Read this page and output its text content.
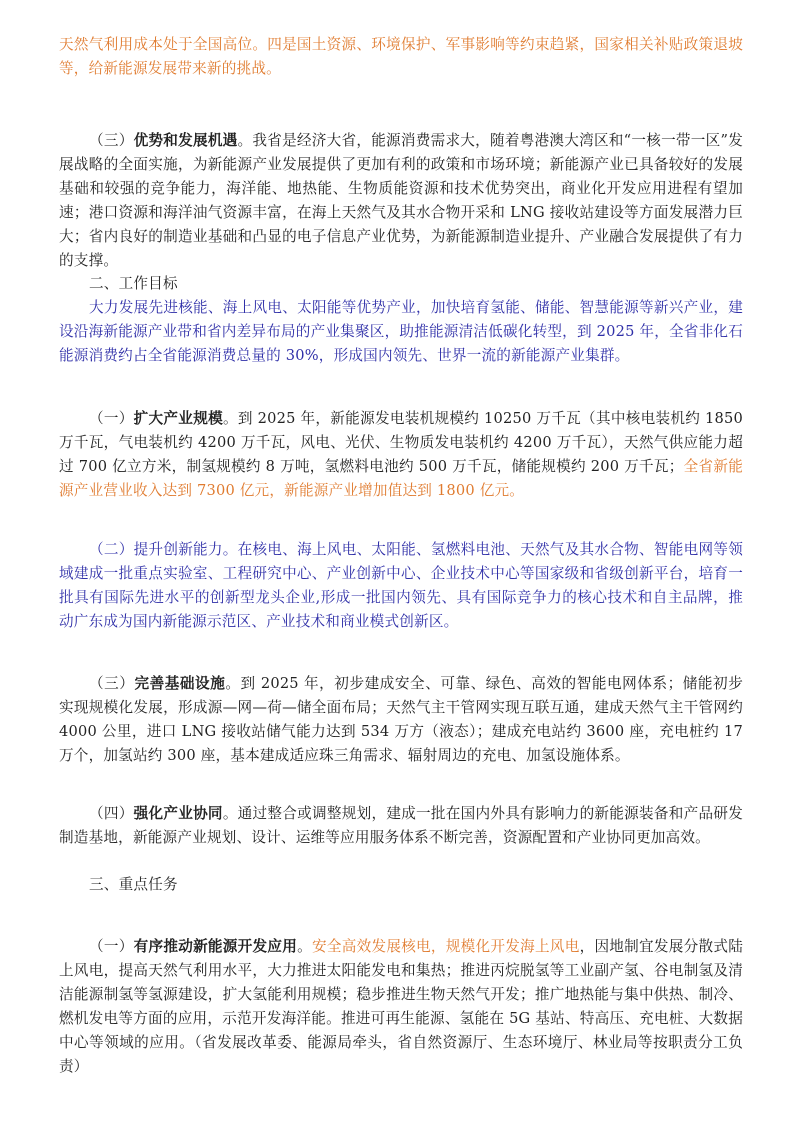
天然气利用成本处于全国高位。四是国土资源、环境保护、军事影响等约束趋紧，国家相关补贴政策退坡等，给新能源发展带来新的挑战。

（三）优势和发展机遇。我省是经济大省，能源消费需求大，随着粤港澳大湾区和“一核一带一区”发展战略的全面实施，为新能源产业发展提供了更加有利的政策和市场环境；新能源产业已具备较好的发展基础和较强的竞争能力，海洋能、地热能、生物质能资源和技术优势突出，商业化开发应用进程有望加速；港口资源和海洋油气资源丰富，在海上天然气及其水合物开采和 LNG 接收站建设等方面发展潜力巨大；省内良好的制造业基础和凸显的电子信息产业优势，为新能源制造业提升、产业融合发展提供了有力的支撑。

二、工作目标

大力发展先进核能、海上风电、太阳能等优势产业，加快培育氢能、储能、智慧能源等新兴产业，建设沿海新能源产业带和省内差异布局的产业集聚区，助推能源清洁低碳化转型，到 2025 年，全省非化石能源消费约占全省能源消费总量的 30%，形成国内领先、世界一流的新能源产业集群。

（一）扩大产业规模。到 2025 年，新能源发电装机规模约 10250 万千瓦（其中核电装机约 1850 万千瓦，气电装机约 4200 万千瓦，风电、光伏、生物质发电装机约 4200 万千瓦），天然气供应能力超过 700 亿立方米，制氢规模约 8 万吨，氢燃料电池约 500 万千瓦，储能规模约 200 万千瓦；全省新能源产业营业收入达到 7300 亿元，新能源产业增加值达到 1800 亿元。

（二）提升创新能力。在核电、海上风电、太阳能、氢燃料电池、天然气及其水合物、智能电网等领域建成一批重点实验室、工程研究中心、产业创新中心、企业技术中心等国家级和省级创新平台，培育一批具有国际先进水平的创新型龙头企业,形成一批国内领先、具有国际竞争力的核心技术和自主品牌，推动广东成为国内新能源示范区、产业技术和商业模式创新区。

（三）完善基础设施。到 2025 年，初步建成安全、可靠、绿色、高效的智能电网体系；储能初步实现规模化发展，形成源—网—荷—储全面布局；天然气主干管网实现互联互通，建成天然气主干管网约 4000 公里，进口 LNG 接收站储气能力达到 534 万方（液态）；建成充电站约 3600 座，充电桩约 17 万个，加氢站约 300 座，基本建成适应珠三角需求、辐射周边的充电、加氢设施体系。

（四）强化产业协同。通过整合或调整规划，建成一批在国内外具有影响力的新能源装备和产品研发制造基地，新能源产业规划、设计、运维等应用服务体系不断完善，资源配置和产业协同更加高效。

三、重点任务

（一）有序推动新能源开发应用。安全高效发展核电，规模化开发海上风电，因地制宜发展分散式陆上风电，提高天然气利用水平，大力推进太阳能发电和集热；推进丙烷脱氢等工业副产氢、谷电制氢及清洁能源制氢等氢源建设，扩大氢能利用规模；稳步推进生物天然气开发；推广地热能与集中供热、制冷、燃机发电等方面的应用，示范开发海洋能。推进可再生能源、氢能在 5G 基站、特高压、充电桩、大数据中心等领域的应用。（省发展改革委、能源局牵头，省自然资源厅、生态环境厅、林业局等按职责分工负责）
